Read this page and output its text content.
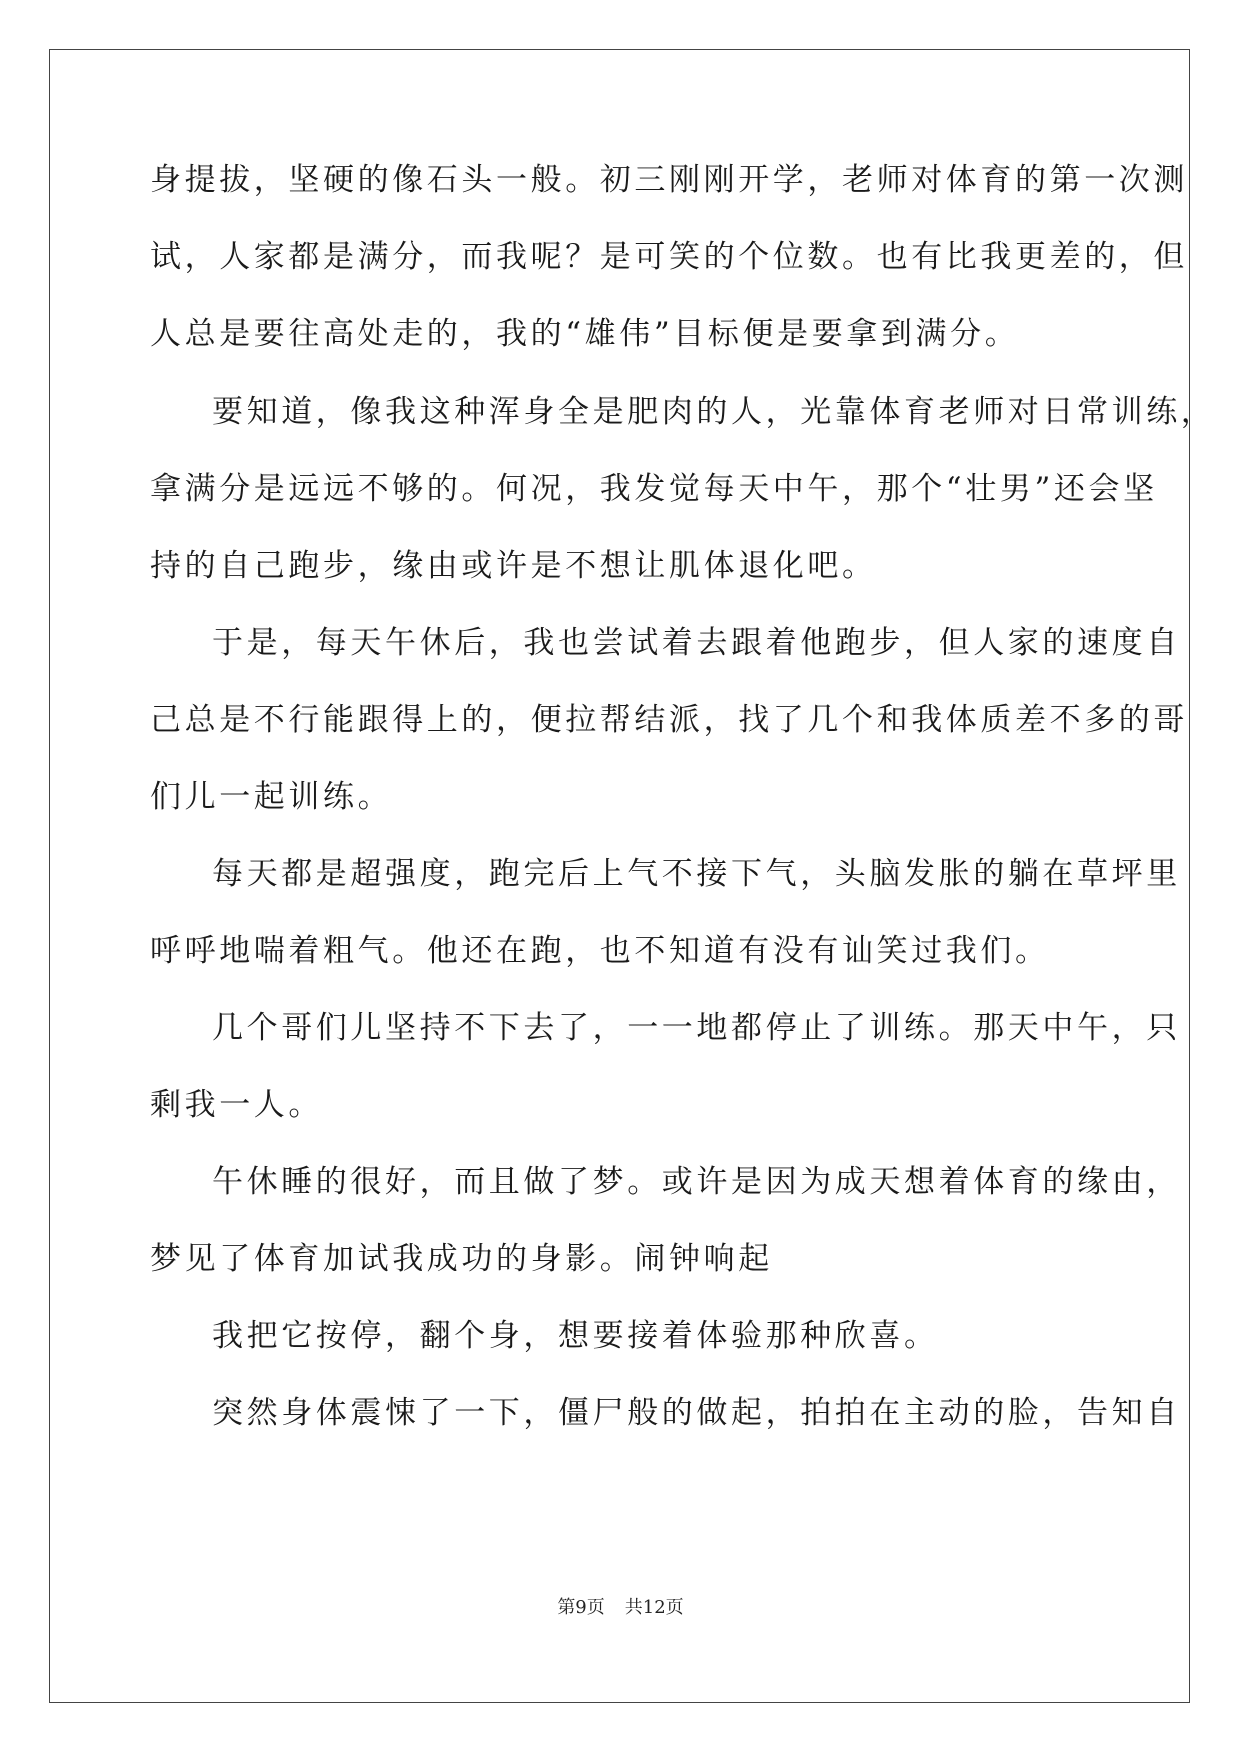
身提拔，坚硬的像石头一般。初三刚刚开学，老师对体育的第一次测
试，人家都是满分，而我呢？是可笑的个位数。也有比我更差的，但
人总是要往高处走的，我的“雄伟”目标便是要拿到满分。
要知道，像我这种浑身全是肥肉的人，光靠体育老师对日常训练，
拿满分是远远不够的。何况，我发觉每天中午，那个“壮男”还会坚
持的自己跑步，缘由或许是不想让肌体退化吧。
于是，每天午休后，我也尝试着去跟着他跑步，但人家的速度自
己总是不行能跟得上的，便拉帮结派，找了几个和我体质差不多的哥
们儿一起训练。
每天都是超强度，跑完后上气不接下气，头脑发胀的躺在草坪里
呼呼地喘着粗气。他还在跑，也不知道有没有讪笑过我们。
几个哥们儿坚持不下去了，一一地都停止了训练。那天中午，只
剩我一人。
午休睡的很好，而且做了梦。或许是因为成天想着体育的缘由，
梦见了体育加试我成功的身影。闹钟响起
我把它按停，翻个身，想要接着体验那种欣喜。
突然身体震悚了一下，僵尸般的做起，拍拍在主动的脸，告知自
第9页 共12页
